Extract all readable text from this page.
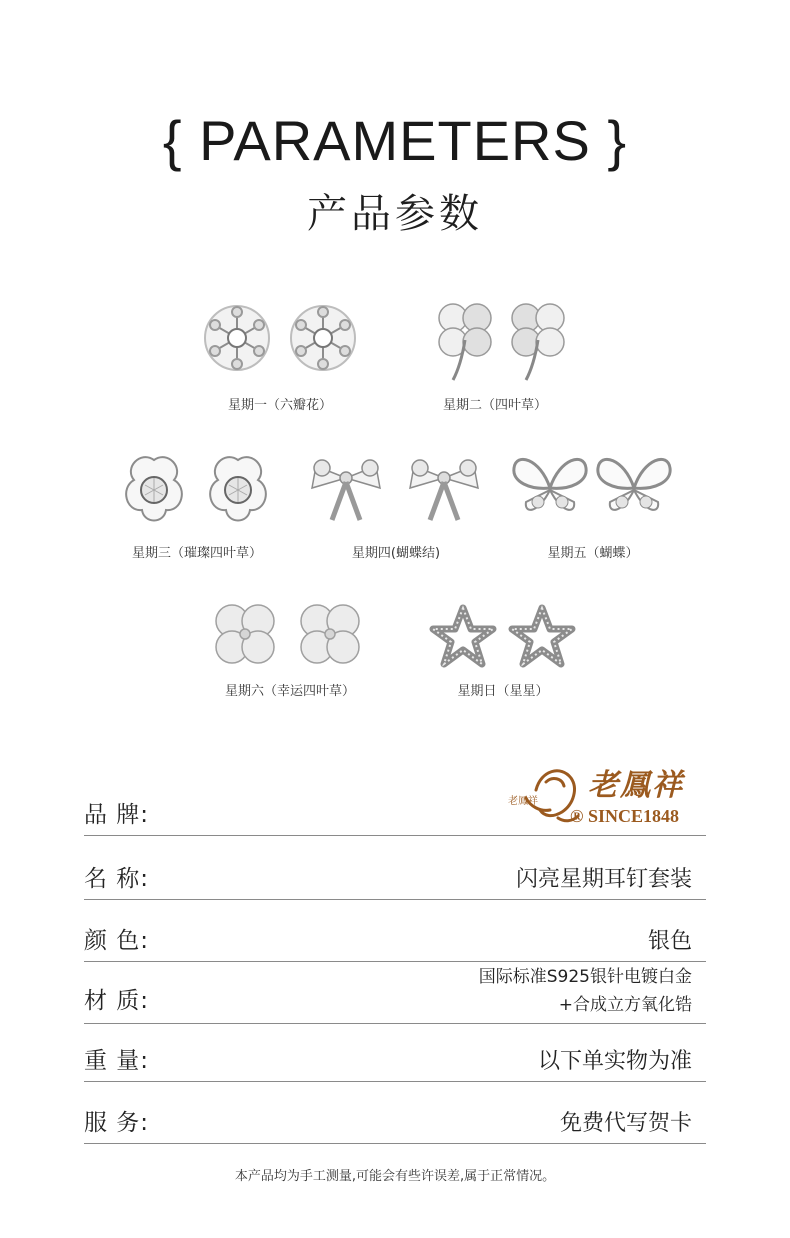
{ PARAMETERS }
产品参数
星期一（六瓣花）	星期二（四叶草）
星期三（璀璨四叶草）	星期四(蝴蝶结)	星期五（蝴蝶）
星期六（幸运四叶草）	星期日（星星）
老鳳祥
老鳳祥
® SINCE1848
品 牌:
名 称:	闪亮星期耳钉套装
颜 色:	银色
材 质:
国际标准S925银针电镀白金
+合成立方氧化锆
重 量:	以下单实物为准
服 务:	免费代写贺卡
本产品均为手工测量,可能会有些许误差,属于正常情况。
